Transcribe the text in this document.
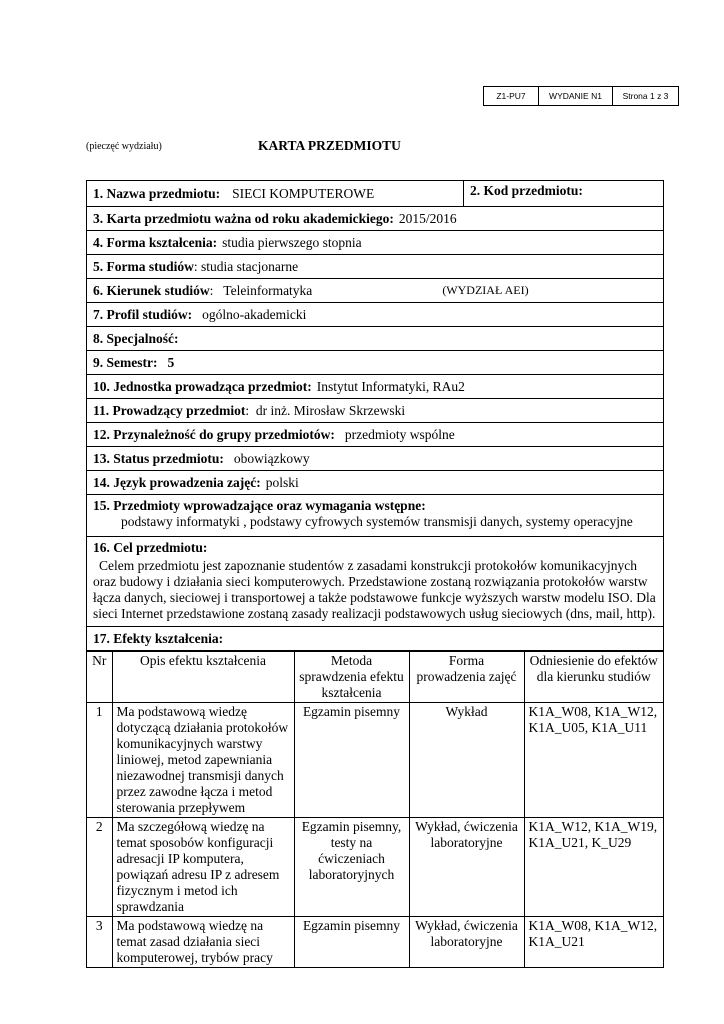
Z1-PU7	WYDANIE N1	Strona 1 z 3
(pieczęć wydziału)	KARTA PRZEDMIOTU
1. Nazwa przedmiotu: SIECI KOMPUTEROWE	2. Kod przedmiotu:
3. Karta przedmiotu ważna od roku akademickiego: 2015/2016
4. Forma kształcenia: studia pierwszego stopnia
5. Forma studiów : studia stacjonarne
6. Kierunek studiów :   Teleinformatyka	(WYDZIAŁ AEI)
7. Profil studiów: ogólno-akademicki
8. Specjalność:
9. Semestr: 5
10. Jednostka prowadząca przedmiot: Instytut Informatyki, RAu2
11. Prowadzący przedmiot :  dr inż. Mirosław Skrzewski
12. Przynależność do grupy przedmiotów: przedmioty wspólne
13. Status przedmiotu: obowiązkowy
14. Język prowadzenia zajęć: polski
15. Przedmioty wprowadzające oraz wymagania wstępne:
podstawy informatyki , podstawy cyfrowych systemów transmisji danych, systemy operacyjne
16. Cel przedmiotu:
Celem przedmiotu jest zapoznanie studentów z zasadami konstrukcji protokołów komunikacyjnych oraz budowy i działania sieci komputerowych. Przedstawione zostaną rozwiązania protokołów warstw łącza danych, sieciowej i transportowej a także podstawowe funkcje wyższych warstw modelu ISO. Dla sieci Internet przedstawione zostaną zasady realizacji podstawowych usług sieciowych (dns, mail, http).
17. Efekty kształcenia:
Nr	Opis efektu kształcenia	Metoda sprawdzenia efektu kształcenia	Forma prowadzenia zajęć	Odniesienie do efektów dla kierunku studiów
1	Ma podstawową wiedzę dotyczącą działania protokołów komunikacyjnych warstwy liniowej, metod zapewniania niezawodnej transmisji danych przez zawodne łącza i metod sterowania przepływem	Egzamin pisemny	Wykład	K1A_W08, K1A_W12, K1A_U05, K1A_U11
2	Ma szczegółową wiedzę na temat sposobów konfiguracji adresacji IP komputera, powiązań adresu IP z adresem fizycznym i metod ich sprawdzania	Egzamin pisemny, testy na ćwiczeniach laboratoryjnych	Wykład, ćwiczenia laboratoryjne	K1A_W12, K1A_W19, K1A_U21, K_U29
3	Ma podstawową wiedzę na temat zasad działania sieci komputerowej, trybów pracy	Egzamin pisemny	Wykład, ćwiczenia laboratoryjne	K1A_W08, K1A_W12, K1A_U21
